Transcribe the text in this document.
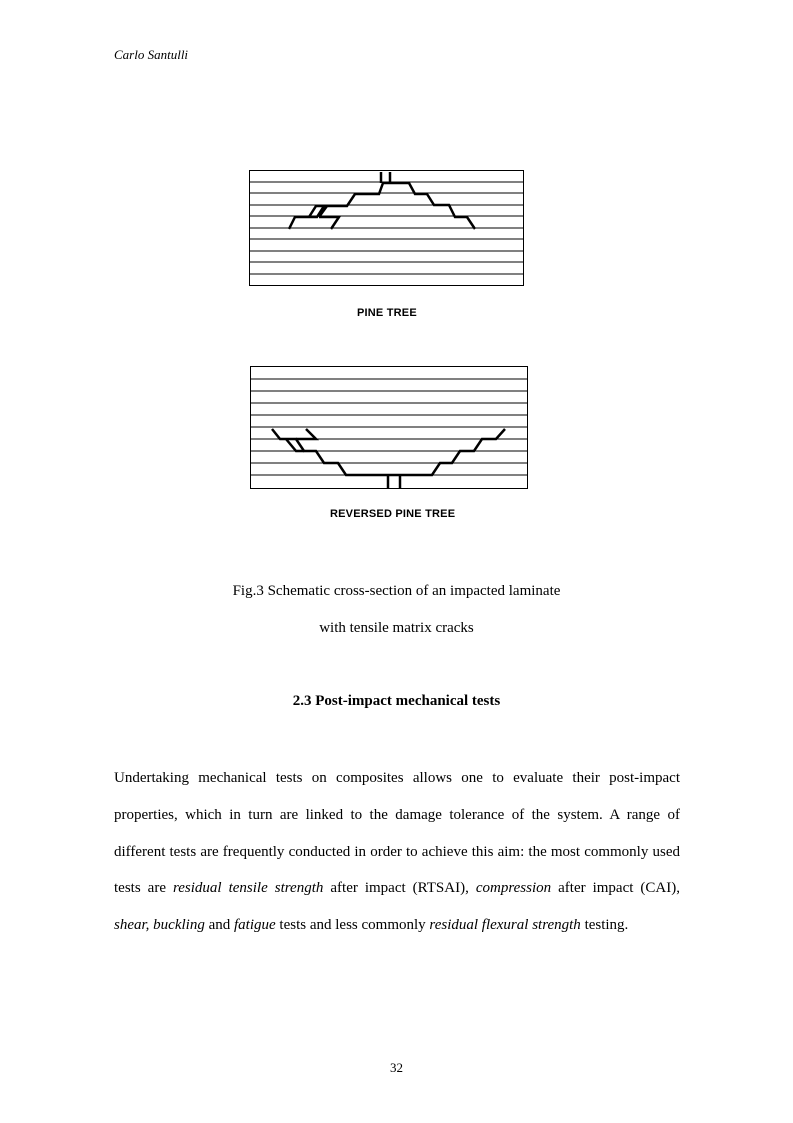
Carlo Santulli
PINE TREE
REVERSED PINE TREE
Fig.3 Schematic cross-section of an impacted laminate
with tensile matrix cracks
2.3 Post-impact mechanical tests

Undertaking mechanical tests on composites allows one to evaluate their post-impact properties, which in turn are linked to the damage tolerance of the system. A range of different tests are frequently conducted in order to achieve this aim: the most commonly used tests are residual tensile strength after impact (RTSAI), compression after impact (CAI), shear, buckling and fatigue tests and less commonly residual flexural strength testing.

32
